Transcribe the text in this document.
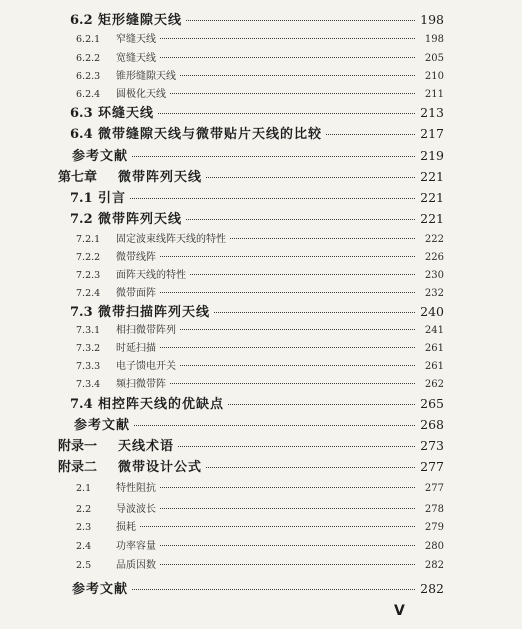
6.2 矩形缝隙天线	198
6.2.1	窄缝天线	198
6.2.2	宽缝天线	205
6.2.3	锥形缝隙天线	210
6.2.4	圆极化天线	211
6.3 环缝天线	213
6.4 微带缝隙天线与微带贴片天线的比较	217
参考文献	219
第七章	微带阵列天线	221
7.1 引言	221
7.2 微带阵列天线	221
7.2.1	固定波束线阵天线的特性	222
7.2.2	微带线阵	226
7.2.3	面阵天线的特性	230
7.2.4	微带面阵	232
7.3 微带扫描阵列天线	240
7.3.1	相扫微带阵列	241
7.3.2	时延扫描	261
7.3.3	电子馈电开关	261
7.3.4	频扫微带阵	262
7.4 相控阵天线的优缺点	265
参考文献	268
附录一	天线术语	273
附录二	微带设计公式	277
2.1	特性阻抗	277
2.2	导波波长	278
2.3	损耗	279
2.4	功率容量	280
2.5	品质因数	282
参考文献	282
V
